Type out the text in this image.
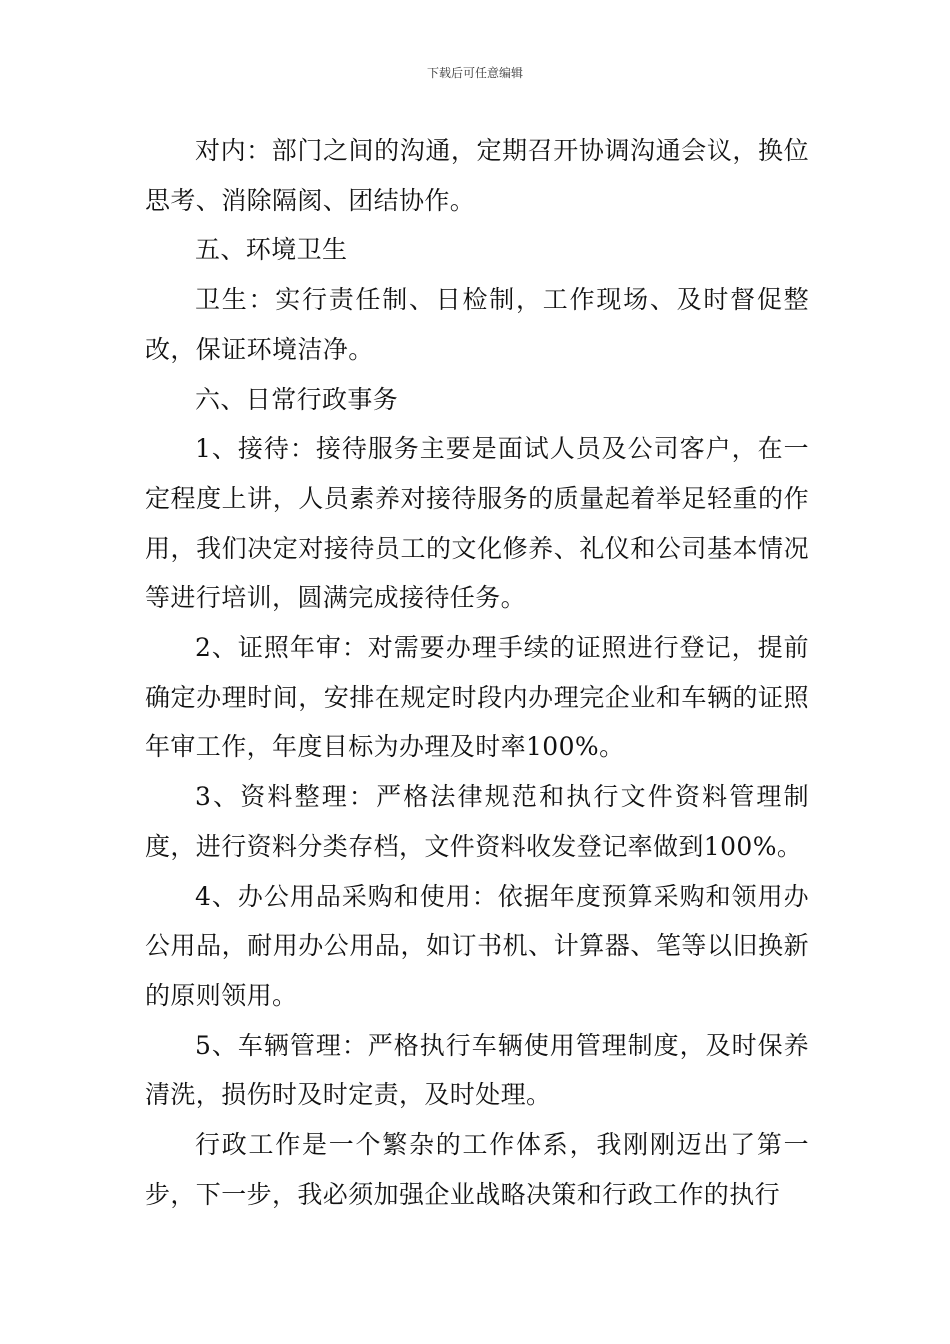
下载后可任意编辑

对内：部门之间的沟通，定期召开协调沟通会议，换位思考、消除隔阂、团结协作。

五、环境卫生

卫生：实行责任制、日检制，工作现场、及时督促整改，保证环境洁净。

六、日常行政事务

1、接待：接待服务主要是面试人员及公司客户，在一定程度上讲，人员素养对接待服务的质量起着举足轻重的作用，我们决定对接待员工的文化修养、礼仪和公司基本情况等进行培训，圆满完成接待任务。

2、证照年审：对需要办理手续的证照进行登记，提前确定办理时间，安排在规定时段内办理完企业和车辆的证照年审工作，年度目标为办理及时率100%。

3、资料整理：严格法律规范和执行文件资料管理制度，进行资料分类存档，文件资料收发登记率做到100%。

4、办公用品采购和使用：依据年度预算采购和领用办公用品，耐用办公用品，如订书机、计算器、笔等以旧换新的原则领用。

5、车辆管理：严格执行车辆使用管理制度，及时保养清洗，损伤时及时定责，及时处理。

行政工作是一个繁杂的工作体系，我刚刚迈出了第一步，下一步，我必须加强企业战略决策和行政工作的执行
